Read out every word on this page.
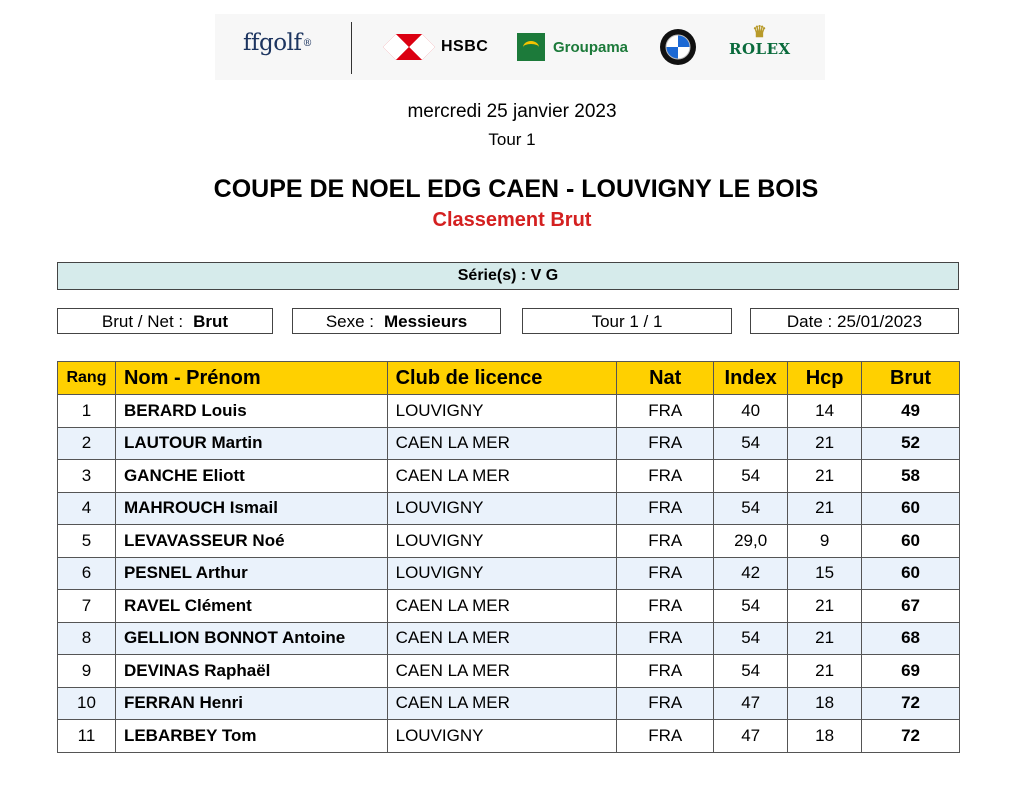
ffgolf ®	HSBC	Groupama
♛
ROLEX
mercredi 25 janvier 2023
Tour 1
COUPE DE NOEL EDG CAEN - LOUVIGNY LE BOIS
Classement Brut
Série(s) : V G
Brut / Net : Brut	Sexe : Messieurs	Tour 1 / 1	Date : 25/01/2023
Rang	Nom - Prénom	Club de licence	Nat	Index	Hcp	Brut
1	BERARD Louis	LOUVIGNY	FRA	40	14	49
2	LAUTOUR Martin	CAEN LA MER	FRA	54	21	52
3	GANCHE Eliott	CAEN LA MER	FRA	54	21	58
4	MAHROUCH Ismail	LOUVIGNY	FRA	54	21	60
5	LEVAVASSEUR Noé	LOUVIGNY	FRA	29,0	9	60
6	PESNEL Arthur	LOUVIGNY	FRA	42	15	60
7	RAVEL Clément	CAEN LA MER	FRA	54	21	67
8	GELLION BONNOT Antoine	CAEN LA MER	FRA	54	21	68
9	DEVINAS Raphaël	CAEN LA MER	FRA	54	21	69
10	FERRAN Henri	CAEN LA MER	FRA	47	18	72
11	LEBARBEY Tom	LOUVIGNY	FRA	47	18	72
